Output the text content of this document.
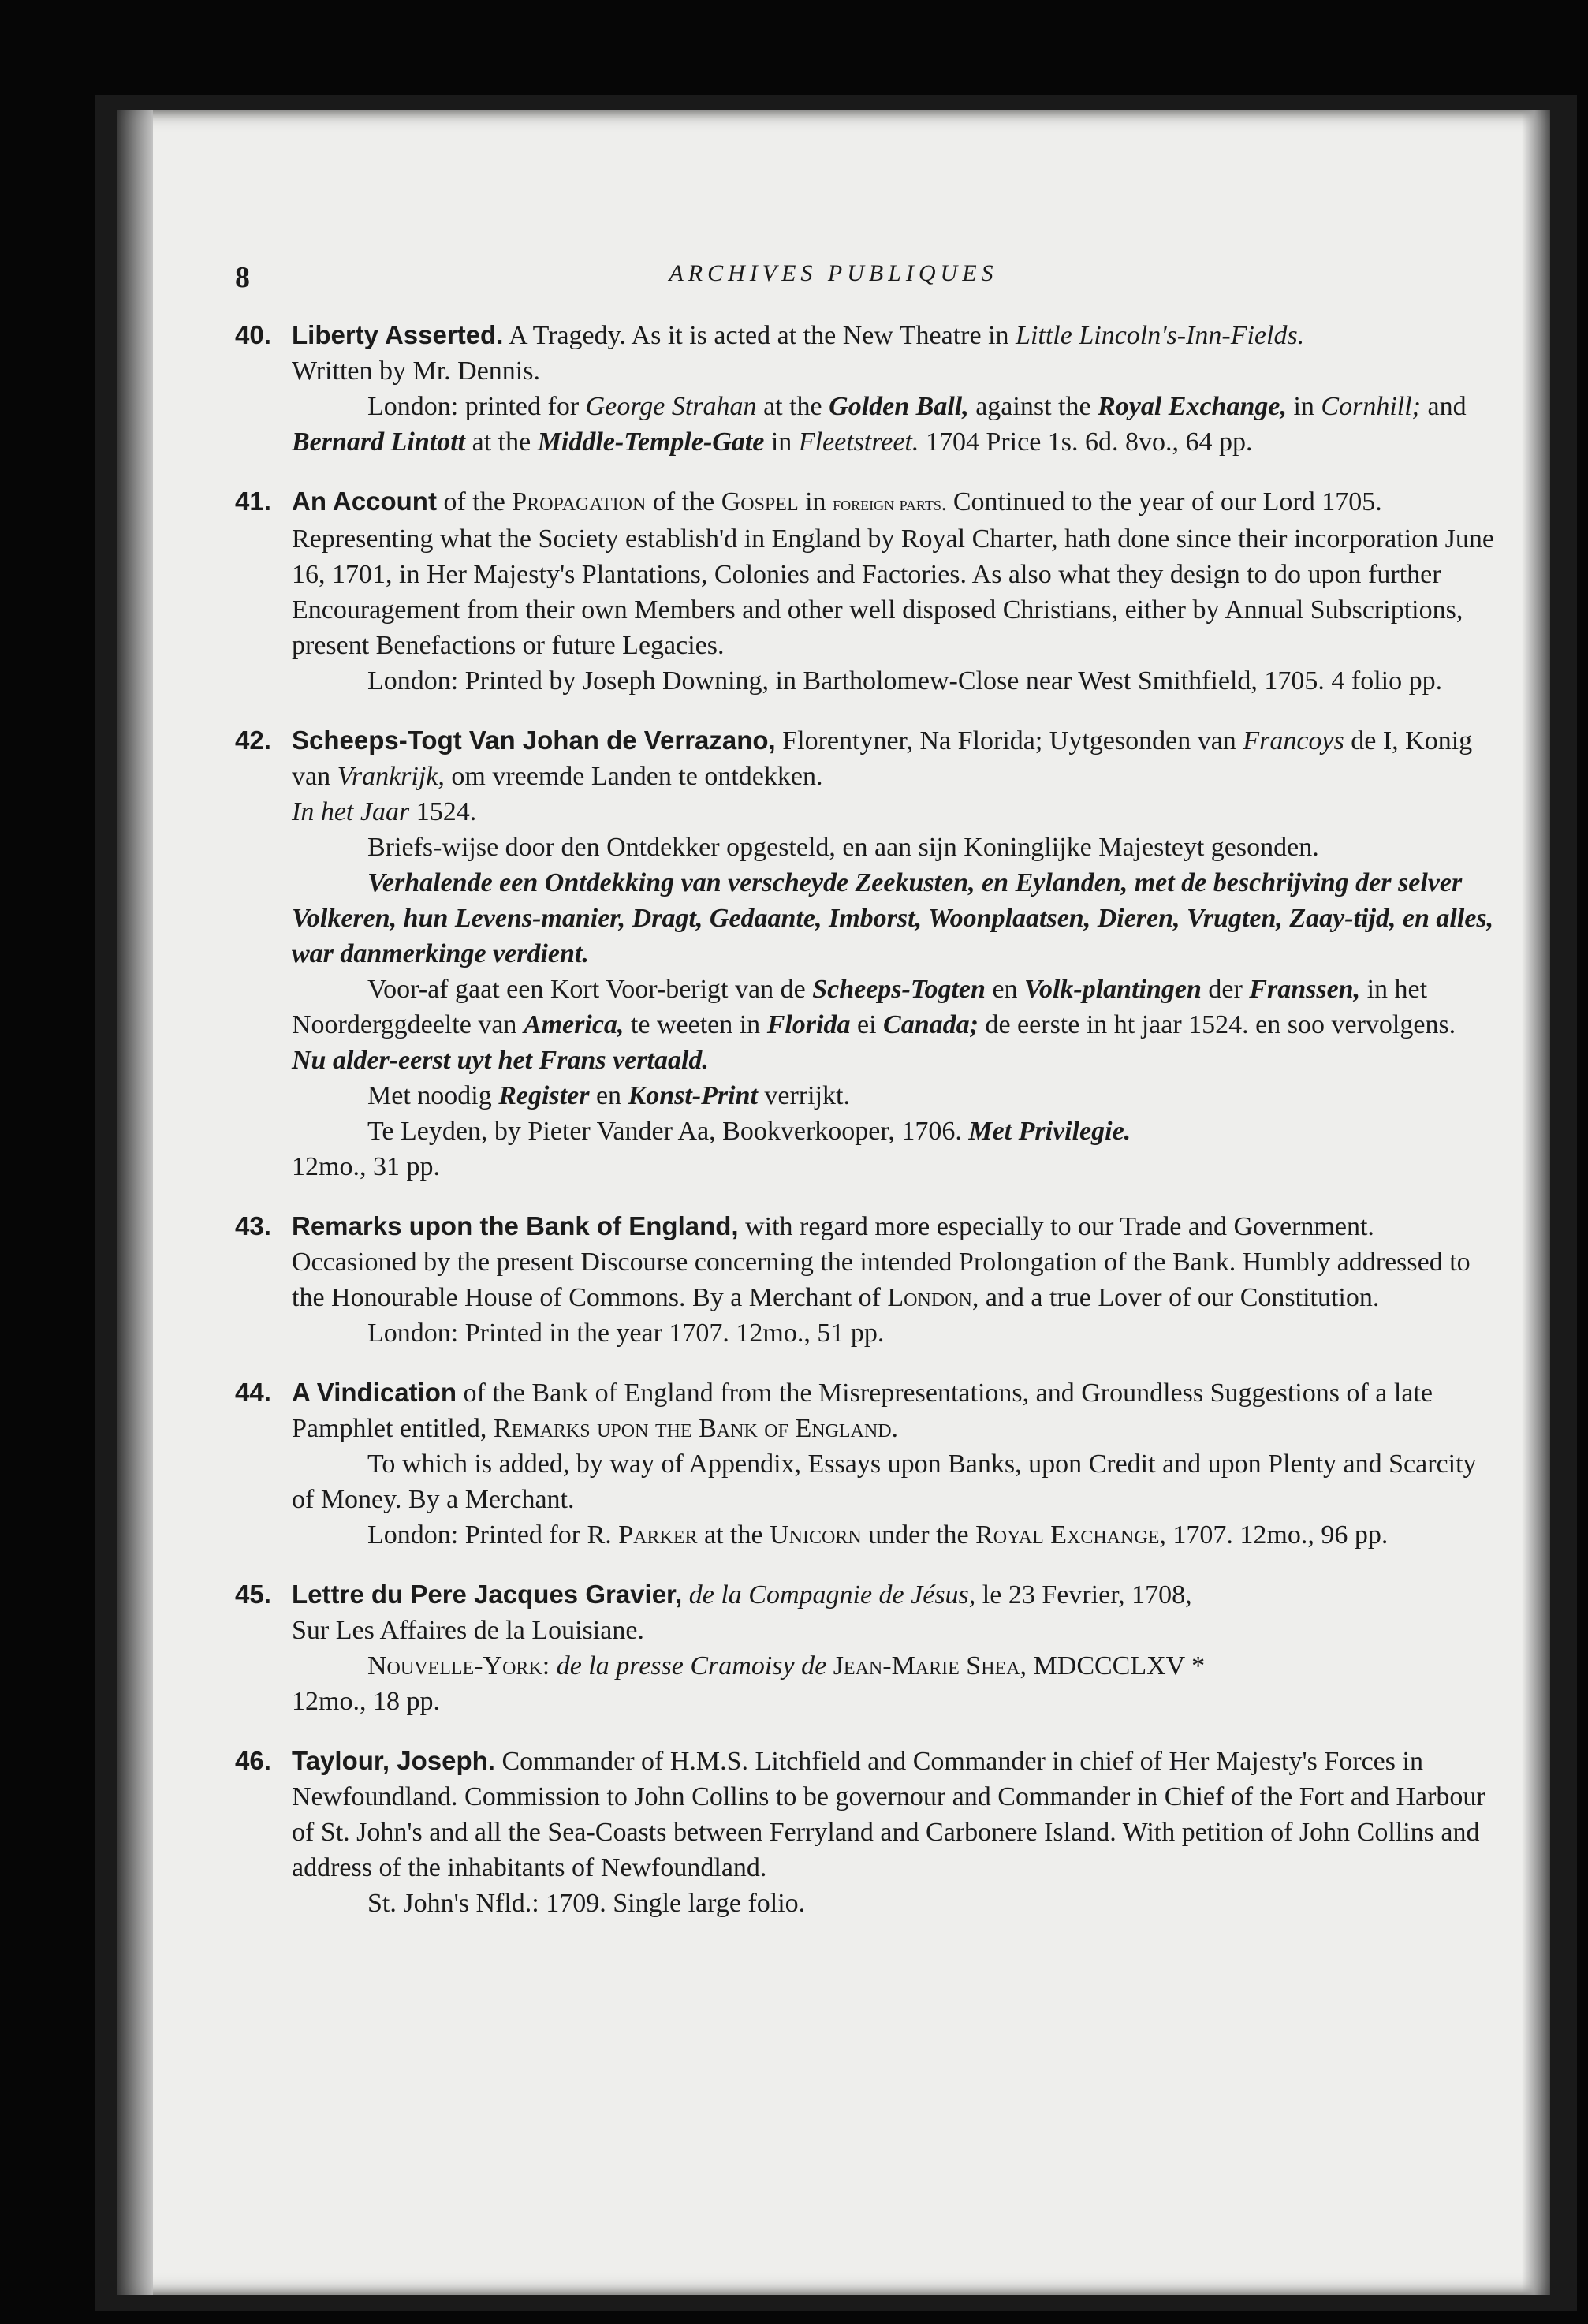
8	ARCHIVES PUBLIQUES

40. Liberty Asserted. A Tragedy. As it is acted at the New Theatre in Little Lincoln's-Inn-Fields.

Written by Mr. Dennis.

London: printed for George Strahan at the Golden Ball, against the Royal Exchange, in Cornhill; and Bernard Lintott at the Middle-Temple-Gate in Fleetstreet. 1704 Price 1s. 6d. 8vo., 64 pp.

41. An Account of the Propagation of the Gospel in foreign parts. Continued to the year of our Lord 1705. Representing what the Society establish'd in England by Royal Charter, hath done since their incorporation June 16, 1701, in Her Majesty's Plantations, Colonies and Factories. As also what they design to do upon further Encouragement from their own Members and other well disposed Christians, either by Annual Subscriptions, present Benefactions or future Legacies.

London: Printed by Joseph Downing, in Bartholomew-Close near West Smithfield, 1705. 4 folio pp.

42. Scheeps-Togt Van Johan de Verrazano, Florentyner, Na Florida; Uytgesonden van Francoys de I, Konig van Vrankrijk, om vreemde Landen te ontdekken.

In het Jaar 1524.

Briefs-wijse door den Ontdekker opgesteld, en aan sijn Koninglijke Majesteyt gesonden.

Verhalende een Ontdekking van verscheyde Zeekusten, en Eylanden, met de beschrijving der selver Volkeren, hun Levens-manier, Dragt, Gedaante, Imborst, Woonplaatsen, Dieren, Vrugten, Zaay-tijd, en alles, war danmerkinge verdient.

Voor-af gaat een Kort Voor-berigt van de Scheeps-Togten en Volk-plantingen der Franssen, in het Noorderggdeelte van America, te weeten in Florida ei Canada; de eerste in ht jaar 1524. en soo vervolgens.

Nu alder-eerst uyt het Frans vertaald.

Met noodig Register en Konst-Print verrijkt.

Te Leyden, by Pieter Vander Aa, Bookverkooper, 1706. Met Privilegie.

12mo., 31 pp.

43. Remarks upon the Bank of England, with regard more especially to our Trade and Government. Occasioned by the present Discourse concerning the intended Prolongation of the Bank. Humbly addressed to the Honourable House of Commons. By a Merchant of London, and a true Lover of our Constitution.

London: Printed in the year 1707. 12mo., 51 pp.

44. A Vindication of the Bank of England from the Misrepresentations, and Groundless Suggestions of a late Pamphlet entitled, Remarks upon the Bank of England.

To which is added, by way of Appendix, Essays upon Banks, upon Credit and upon Plenty and Scarcity of Money. By a Merchant.

London: Printed for R. Parker at the Unicorn under the Royal Exchange, 1707. 12mo., 96 pp.

45. Lettre du Pere Jacques Gravier, de la Compagnie de Jésus, le 23 Fevrier, 1708,

Sur Les Affaires de la Louisiane.

Nouvelle-York: de la presse Cramoisy de Jean-Marie Shea, MDCCCLXV *

12mo., 18 pp.

46. Taylour, Joseph. Commander of H.M.S. Litchfield and Commander in chief of Her Majesty's Forces in Newfoundland. Commission to John Collins to be governour and Commander in Chief of the Fort and Harbour of St. John's and all the Sea-Coasts between Ferryland and Carbonere Island. With petition of John Collins and address of the inhabitants of Newfoundland.

St. John's Nfld.: 1709. Single large folio.
